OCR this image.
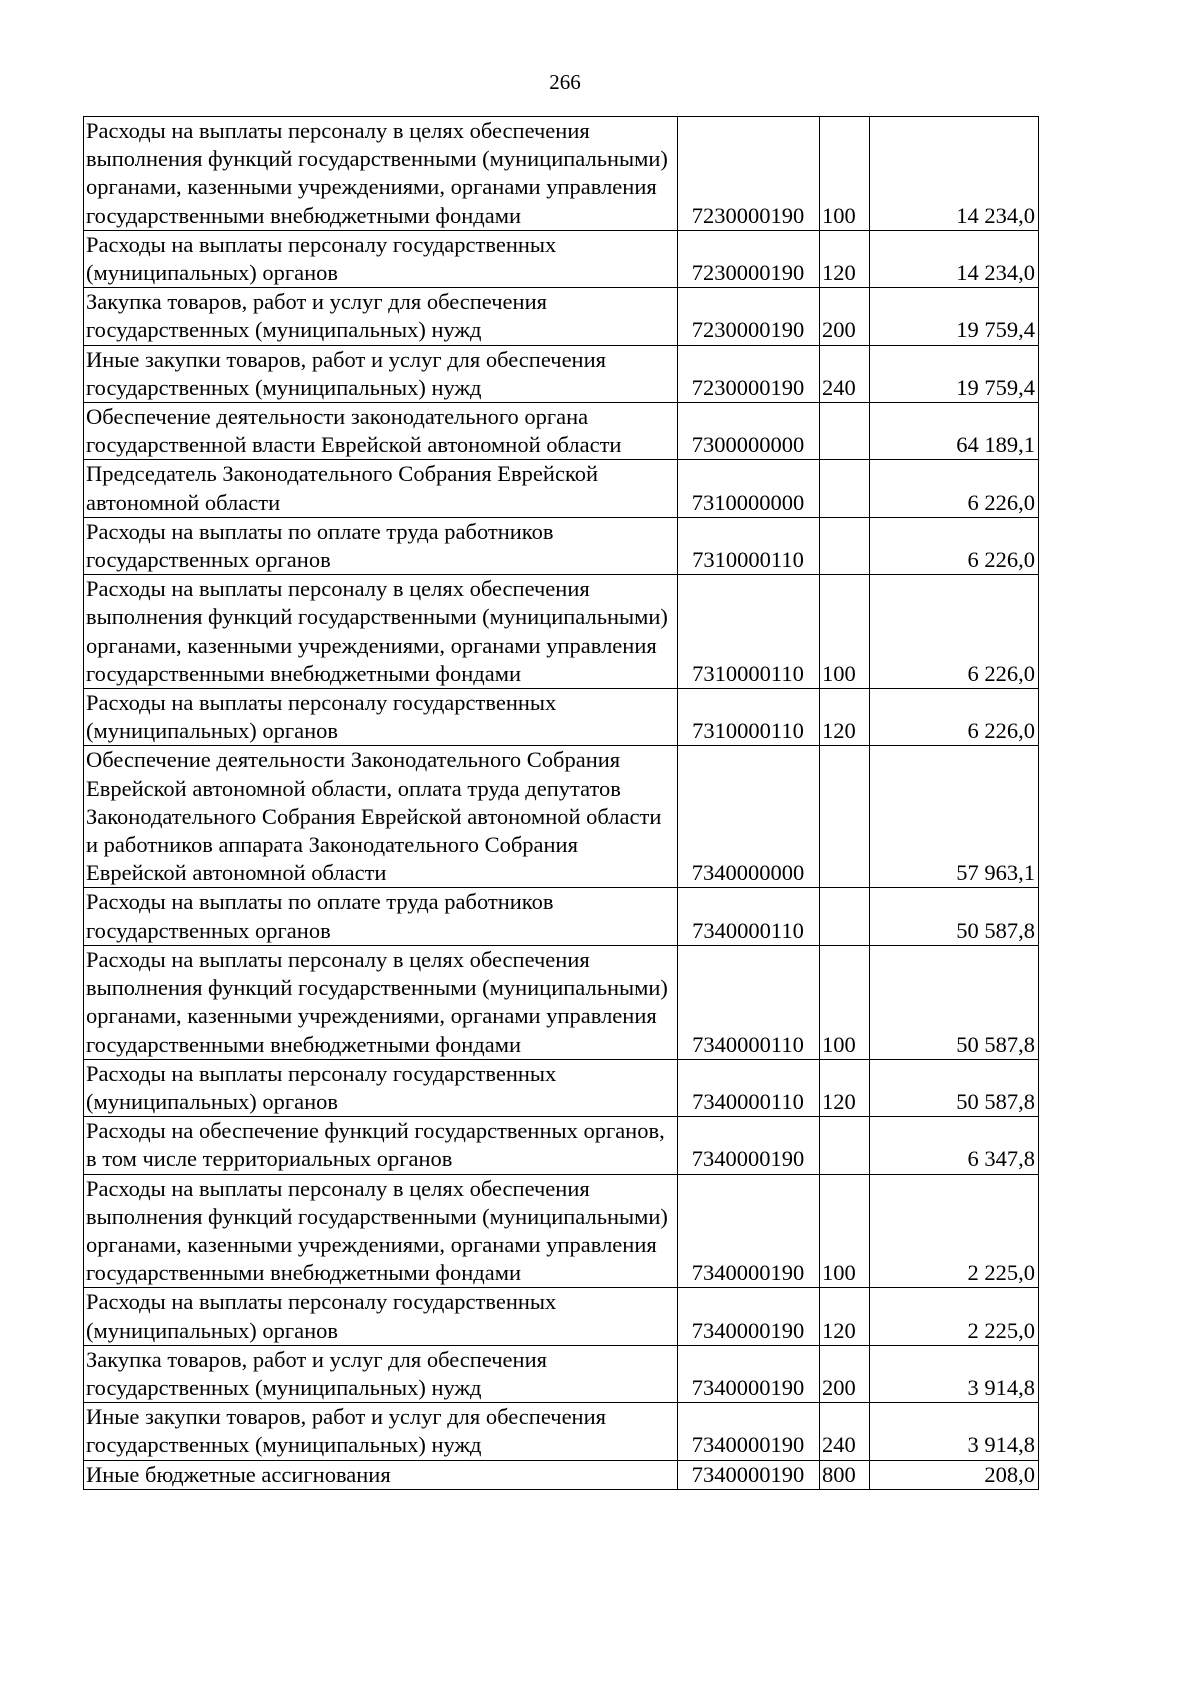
266
Расходы на выплаты персоналу в целях обеспечения выполнения функций государственными (муниципальными) органами, казенными учреждениями, органами управления государственными внебюджетными фондами	7230000190	100	14 234,0
Расходы на выплаты персоналу государственных (муниципальных) органов	7230000190	120	14 234,0
Закупка товаров, работ и услуг для обеспечения государственных (муниципальных) нужд	7230000190	200	19 759,4
Иные закупки товаров, работ и услуг для обеспечения государственных (муниципальных) нужд	7230000190	240	19 759,4
Обеспечение деятельности законодательного органа государственной власти Еврейской автономной области	7300000000		64 189,1
Председатель Законодательного Собрания Еврейской автономной области	7310000000		6 226,0
Расходы на выплаты по оплате труда работников государственных органов	7310000110		6 226,0
Расходы на выплаты персоналу в целях обеспечения выполнения функций государственными (муниципальными) органами, казенными учреждениями, органами управления государственными внебюджетными фондами	7310000110	100	6 226,0
Расходы на выплаты персоналу государственных (муниципальных) органов	7310000110	120	6 226,0
Обеспечение деятельности Законодательного Собрания Еврейской автономной области, оплата труда депутатов Законодательного Собрания Еврейской автономной области и работников аппарата Законодательного Собрания Еврейской автономной области	7340000000		57 963,1
Расходы на выплаты по оплате труда работников государственных органов	7340000110		50 587,8
Расходы на выплаты персоналу в целях обеспечения выполнения функций государственными (муниципальными) органами, казенными учреждениями, органами управления государственными внебюджетными фондами	7340000110	100	50 587,8
Расходы на выплаты персоналу государственных (муниципальных) органов	7340000110	120	50 587,8
Расходы на обеспечение функций государственных органов, в том числе территориальных органов	7340000190		6 347,8
Расходы на выплаты персоналу в целях обеспечения выполнения функций государственными (муниципальными) органами, казенными учреждениями, органами управления государственными внебюджетными фондами	7340000190	100	2 225,0
Расходы на выплаты персоналу государственных (муниципальных) органов	7340000190	120	2 225,0
Закупка товаров, работ и услуг для обеспечения государственных (муниципальных) нужд	7340000190	200	3 914,8
Иные закупки товаров, работ и услуг для обеспечения государственных (муниципальных) нужд	7340000190	240	3 914,8
Иные бюджетные ассигнования	7340000190	800	208,0
